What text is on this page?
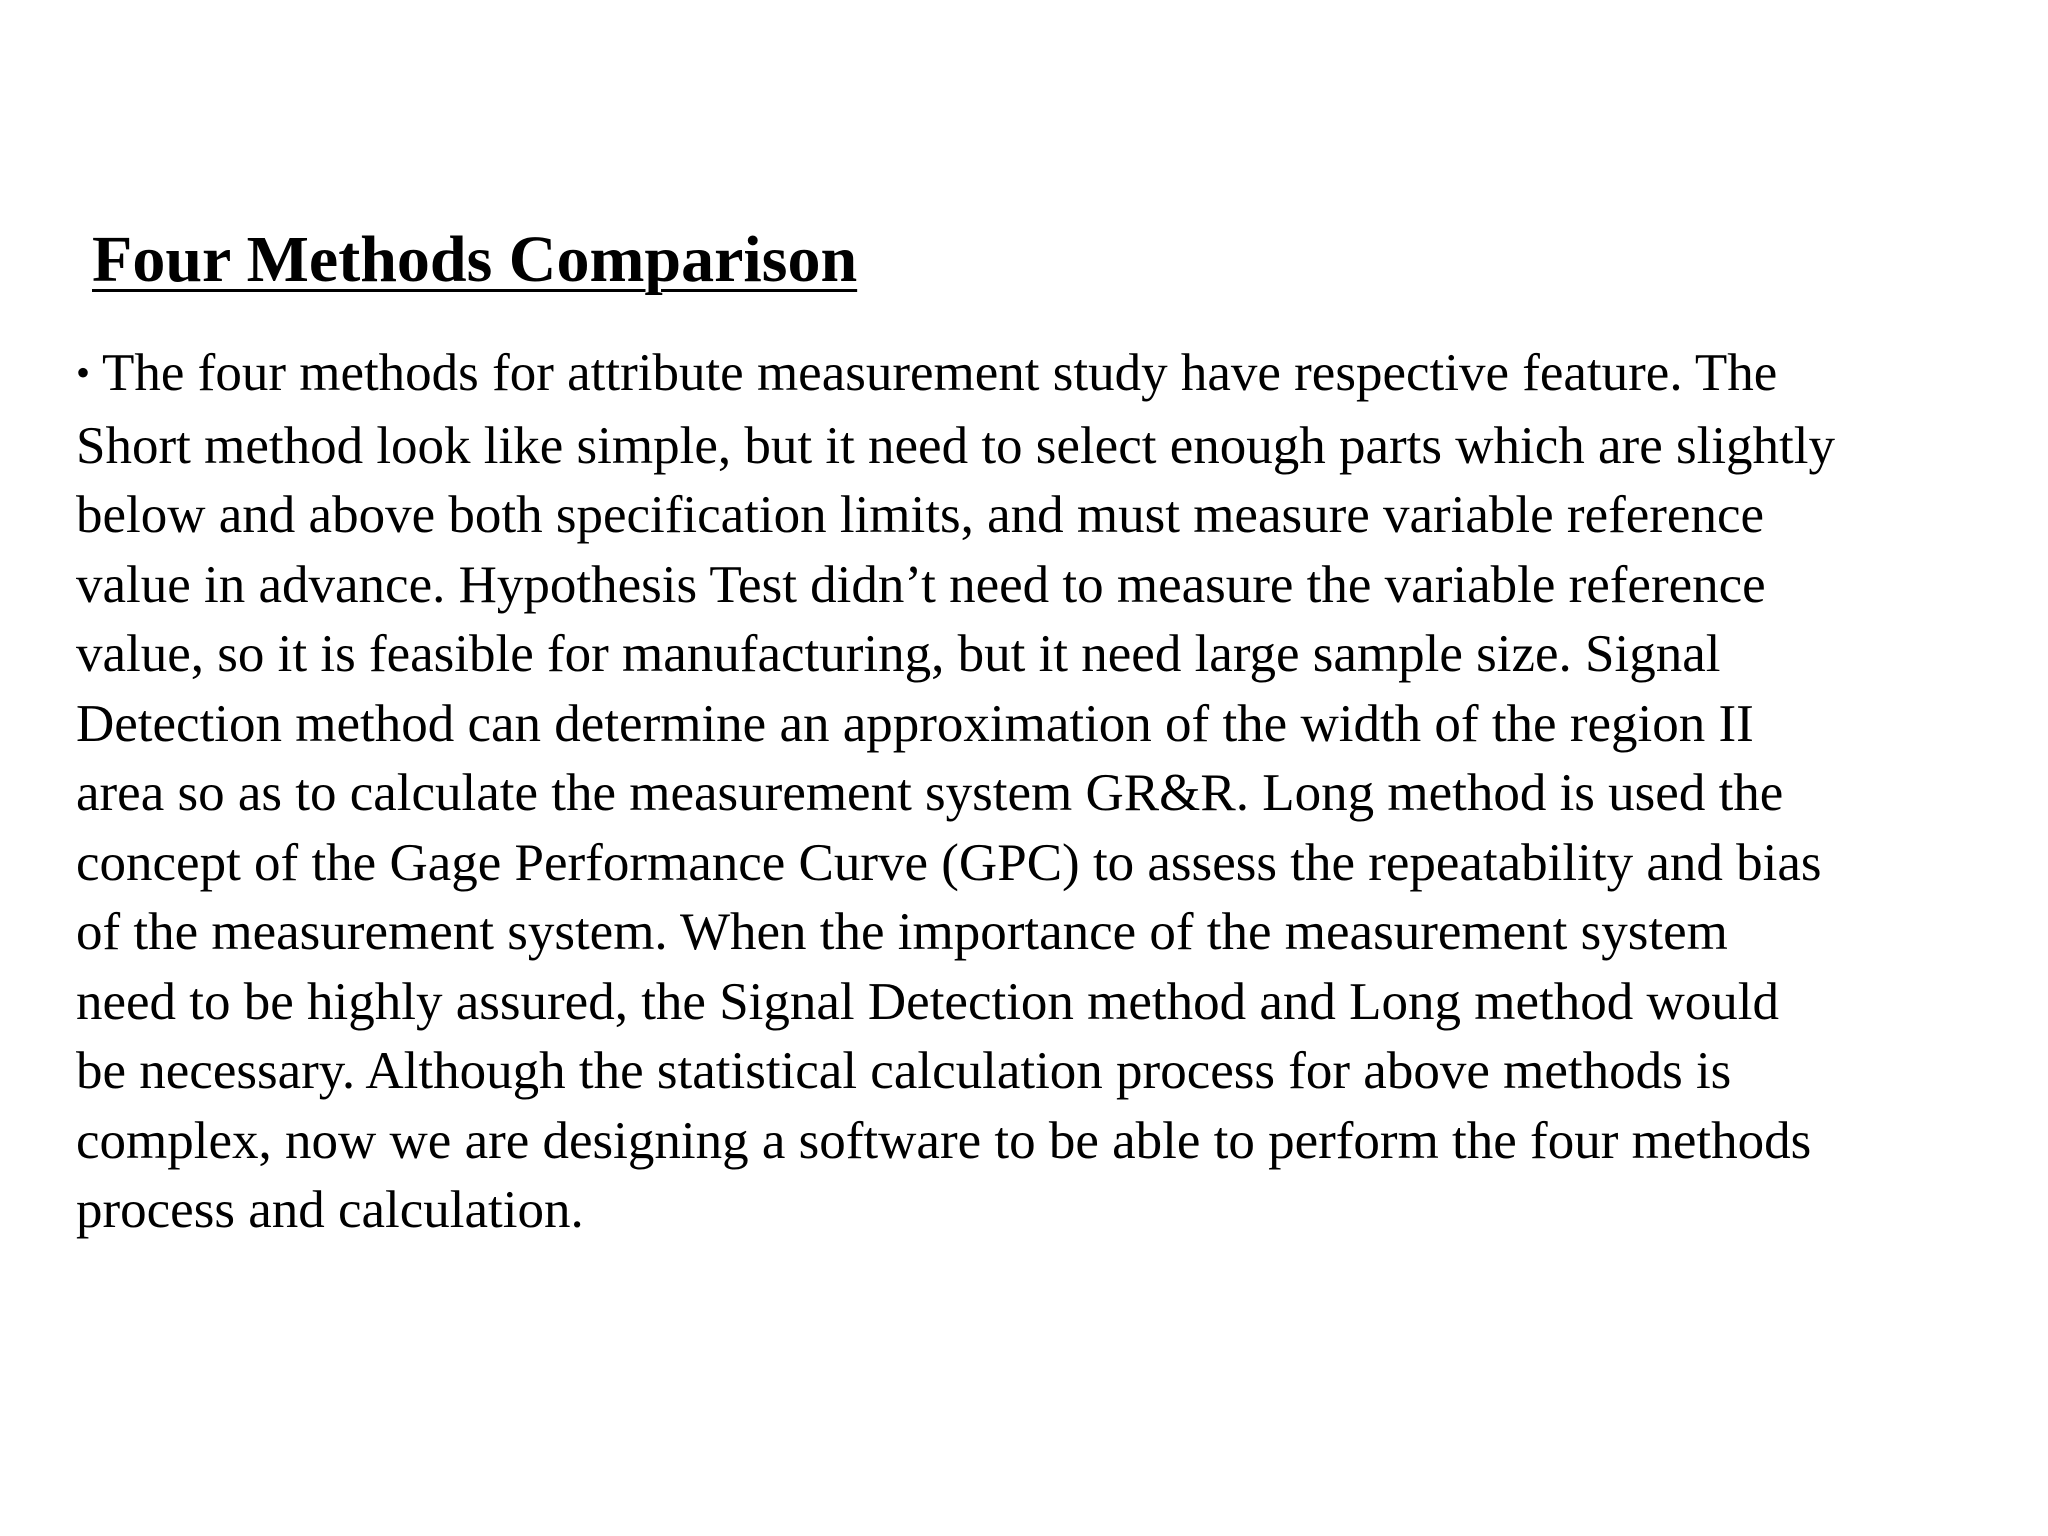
Four Methods Comparison
• The four methods for attribute measurement study have respective feature. The
Short method look like simple, but it need to select enough parts which are slightly
below and above both specification limits, and must measure variable reference
value in advance. Hypothesis Test didn’t need to measure the variable reference
value, so it is feasible for manufacturing, but it need large sample size. Signal
Detection method can determine an approximation of the width of the region II
area so as to calculate the measurement system GR&R. Long method is used the
concept of the Gage Performance Curve (GPC) to assess the repeatability and bias
of the measurement system. When the importance of the measurement system
need to be highly assured, the Signal Detection method and Long method would
be necessary. Although the statistical calculation process for above methods is
complex, now we are designing a software to be able to perform the four methods
process and calculation.
